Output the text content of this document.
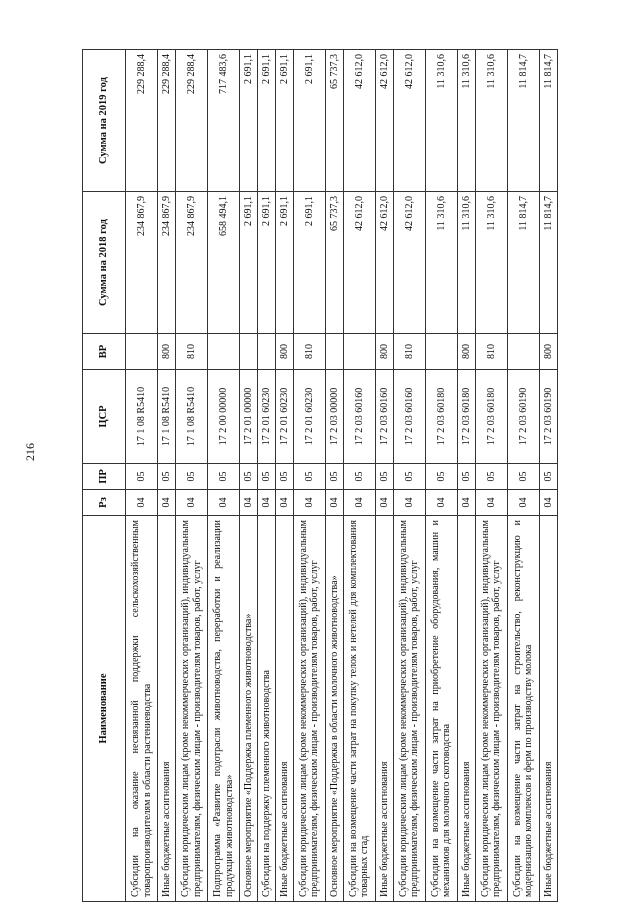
216
Наименование	Рз	ПР	ЦСР	ВР	Сумма на 2018 год	Сумма на 2019 год
Субсидии на оказание несвязанной поддержки сельскохозяйственным товаропроизводителям в области растениеводства	04	05	17 1 08 R5410		234 867,9	229 288,4
Иные бюджетные ассигнования	04	05	17 1 08 R5410	800	234 867,9	229 288,4
Субсидии юридическим лицам (кроме некоммерческих организаций), индивидуальным предпринимателям, физическим лицам - производителям товаров, работ, услуг	04	05	17 1 08 R5410	810	234 867,9	229 288,4
Подпрограмма «Развитие подотрасли животноводства, переработки и реализации продукции животноводства»	04	05	17 2 00 00000		658 494,1	717 483,6
Основное мероприятие «Поддержка племенного животноводства»	04	05	17 2 01 00000		2 691,1	2 691,1
Субсидии на поддержку племенного животноводства	04	05	17 2 01 60230		2 691,1	2 691,1
Иные бюджетные ассигнования	04	05	17 2 01 60230	800	2 691,1	2 691,1
Субсидии юридическим лицам (кроме некоммерческих организаций), индивидуальным предпринимателям, физическим лицам - производителям товаров, работ, услуг	04	05	17 2 01 60230	810	2 691,1	2 691,1
Основное мероприятие «Поддержка в области молочного животноводства»	04	05	17 2 03 00000		65 737,3	65 737,3
Субсидии на возмещение части затрат на покупку телок и нетелей для комплектования товарных стад	04	05	17 2 03 60160		42 612,0	42 612,0
Иные бюджетные ассигнования	04	05	17 2 03 60160	800	42 612,0	42 612,0
Субсидии юридическим лицам (кроме некоммерческих организаций), индивидуальным предпринимателям, физическим лицам - производителям товаров, работ, услуг	04	05	17 2 03 60160	810	42 612,0	42 612,0
Субсидии на возмещение части затрат на приобретение оборудования, машин и механизмов для молочного скотоводства	04	05	17 2 03 60180		11 310,6	11 310,6
Иные бюджетные ассигнования	04	05	17 2 03 60180	800	11 310,6	11 310,6
Субсидии юридическим лицам (кроме некоммерческих организаций), индивидуальным предпринимателям, физическим лицам - производителям товаров, работ, услуг	04	05	17 2 03 60180	810	11 310,6	11 310,6
Субсидии на возмещение части затрат на строительство, реконструкцию и модернизацию комплексов и ферм по производству молока	04	05	17 2 03 60190		11 814,7	11 814,7
Иные бюджетные ассигнования	04	05	17 2 03 60190	800	11 814,7	11 814,7
